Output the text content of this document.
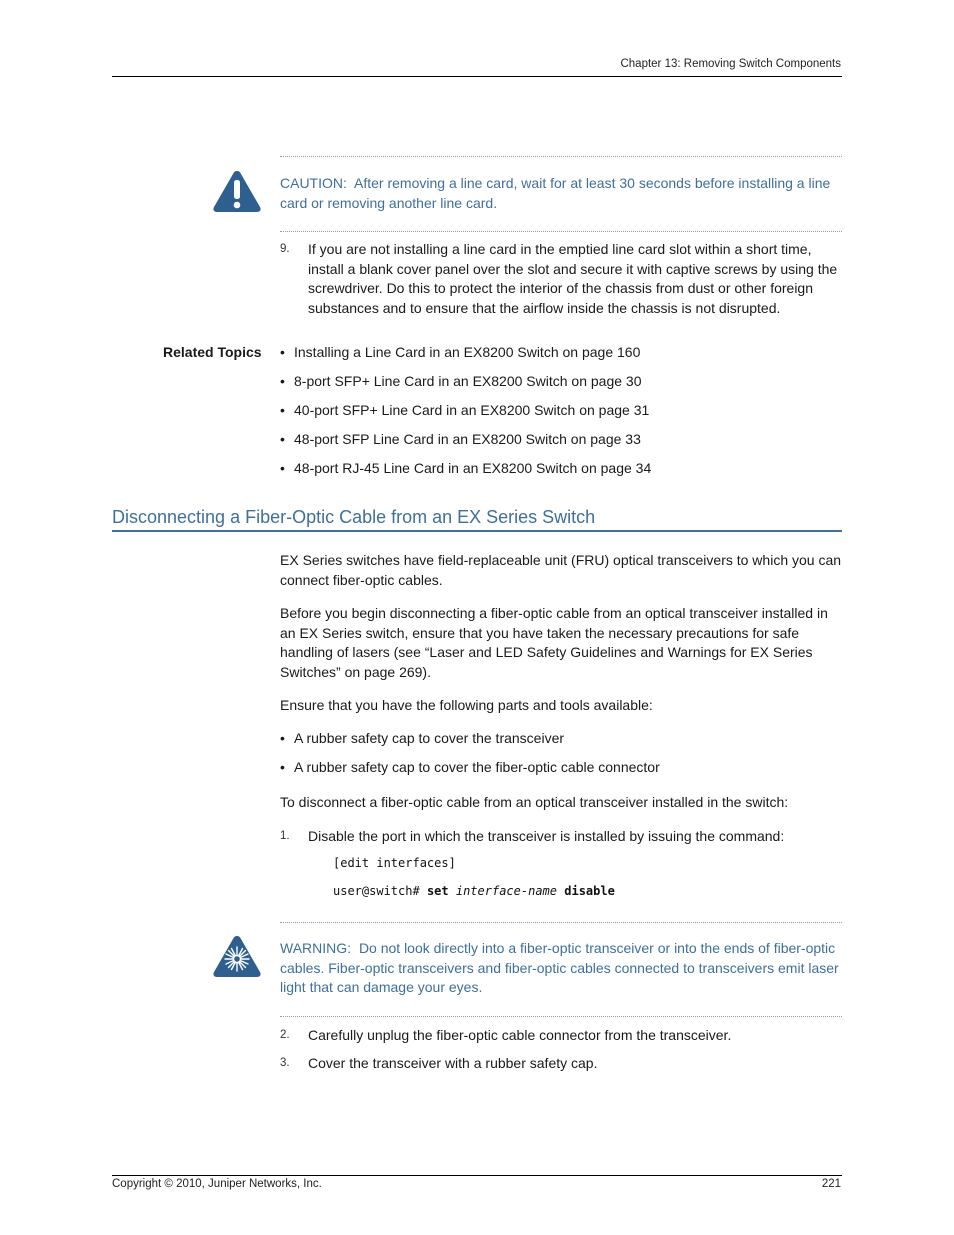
Chapter 13: Removing Switch Components
CAUTION: After removing a line card, wait for at least 30 seconds before installing a line card or removing another line card.
9. If you are not installing a line card in the emptied line card slot within a short time, install a blank cover panel over the slot and secure it with captive screws by using the screwdriver. Do this to protect the interior of the chassis from dust or other foreign substances and to ensure that the airflow inside the chassis is not disrupted.
Related Topics • Installing a Line Card in an EX8200 Switch on page 160
• 8-port SFP+ Line Card in an EX8200 Switch on page 30
• 40-port SFP+ Line Card in an EX8200 Switch on page 31
• 48-port SFP Line Card in an EX8200 Switch on page 33
• 48-port RJ-45 Line Card in an EX8200 Switch on page 34
Disconnecting a Fiber-Optic Cable from an EX Series Switch
EX Series switches have field-replaceable unit (FRU) optical transceivers to which you can connect fiber-optic cables.
Before you begin disconnecting a fiber-optic cable from an optical transceiver installed in an EX Series switch, ensure that you have taken the necessary precautions for safe handling of lasers (see “Laser and LED Safety Guidelines and Warnings for EX Series Switches” on page 269).
Ensure that you have the following parts and tools available:
• A rubber safety cap to cover the transceiver
• A rubber safety cap to cover the fiber-optic cable connector
To disconnect a fiber-optic cable from an optical transceiver installed in the switch:
1. Disable the port in which the transceiver is installed by issuing the command:
[edit interfaces]
user@switch# set interface-name disable
WARNING: Do not look directly into a fiber-optic transceiver or into the ends of fiber-optic cables. Fiber-optic transceivers and fiber-optic cables connected to transceivers emit laser light that can damage your eyes.
2. Carefully unplug the fiber-optic cable connector from the transceiver.
3. Cover the transceiver with a rubber safety cap.
Copyright © 2010, Juniper Networks, Inc.	221
